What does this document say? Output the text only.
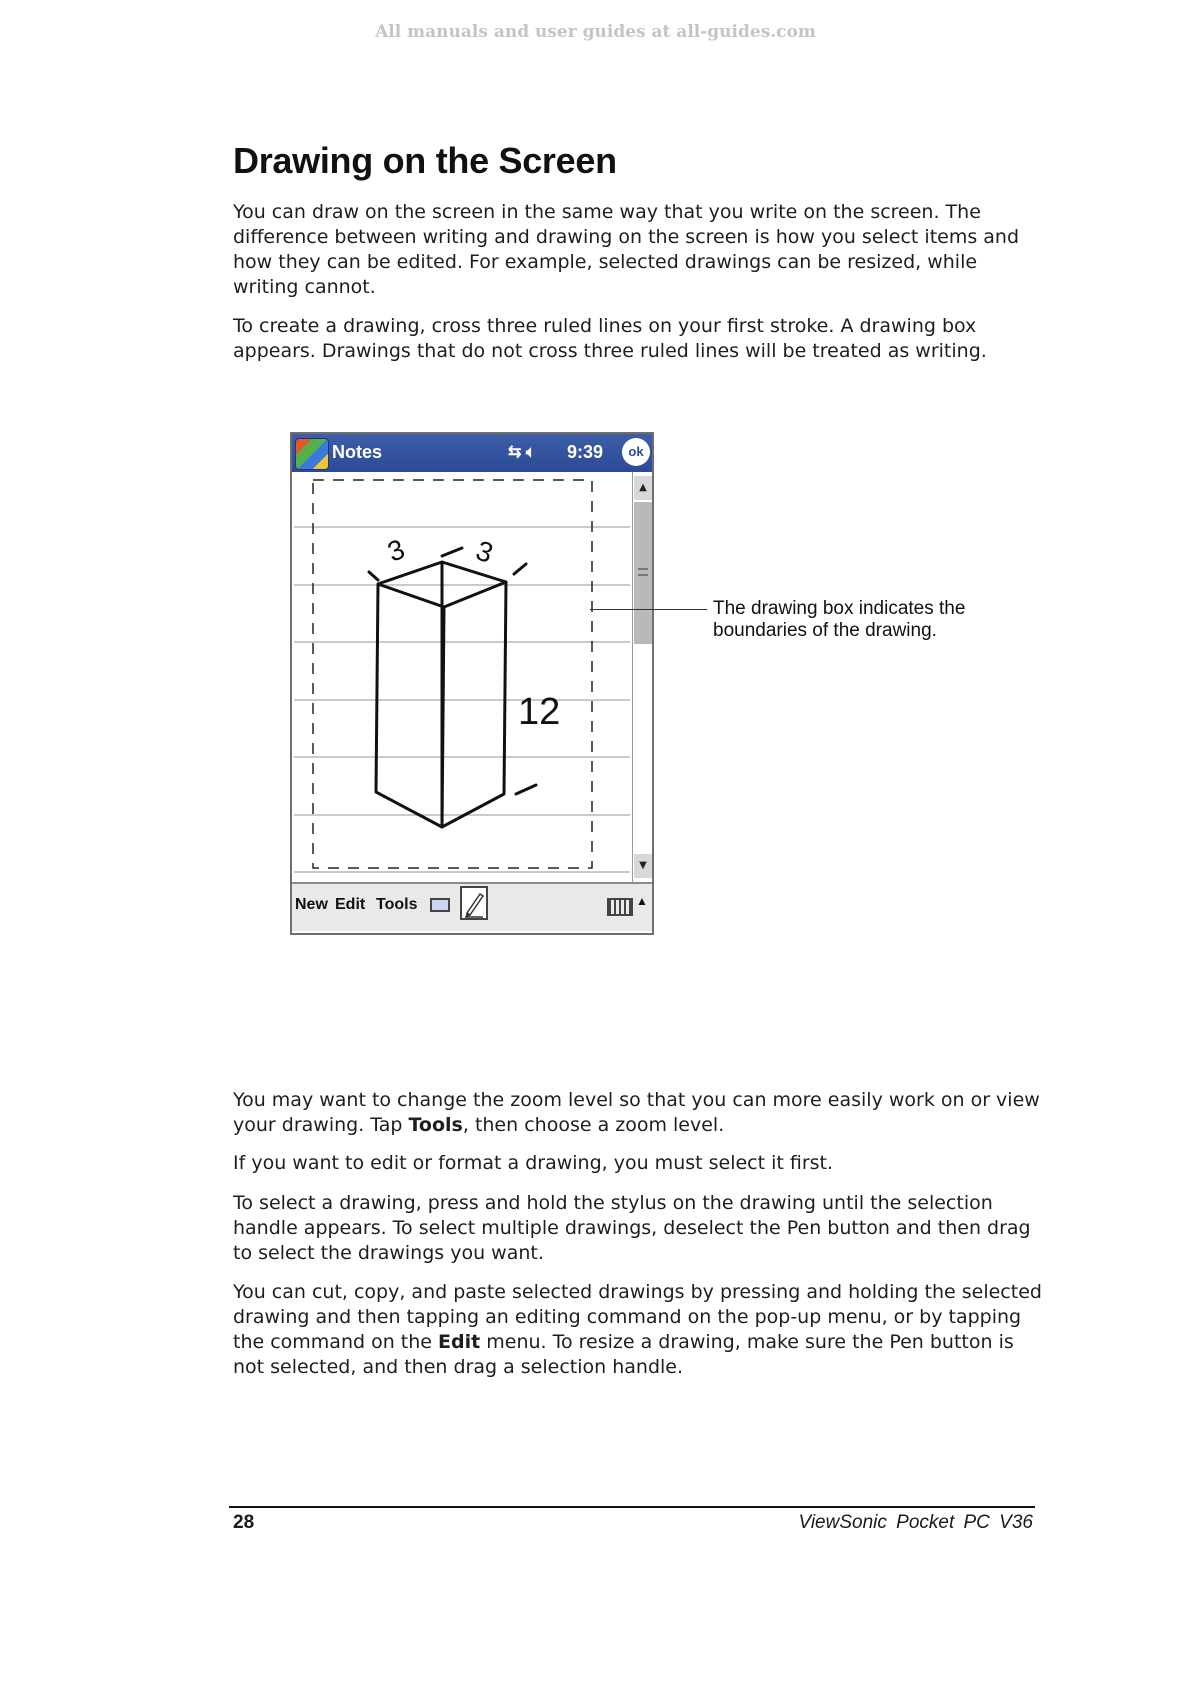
All manuals and user guides at all-guides.com
Drawing on the Screen

You can draw on the screen in the same way that you write on the screen. The difference between writing and drawing on the screen is how you select items and how they can be edited. For example, selected drawings can be resized, while writing cannot.

To create a drawing, cross three ruled lines on your first stroke. A drawing box appears. Drawings that do not cross three ruled lines will be treated as writing.

Notes	⇆ 🔈︎ 9:39	ok
3 3
12
▲
▼
New Edit Tools	▲
The drawing box indicates the boundaries of the drawing.

You may want to change the zoom level so that you can more easily work on or view your drawing. Tap Tools, then choose a zoom level.

If you want to edit or format a drawing, you must select it first.

To select a drawing, press and hold the stylus on the drawing until the selection handle appears. To select multiple drawings, deselect the Pen button and then drag to select the drawings you want.

You can cut, copy, and paste selected drawings by pressing and holding the selected drawing and then tapping an editing command on the pop-up menu, or by tapping the command on the Edit menu. To resize a drawing, make sure the Pen button is not selected, and then drag a selection handle.

28	ViewSonic Pocket PC V36
